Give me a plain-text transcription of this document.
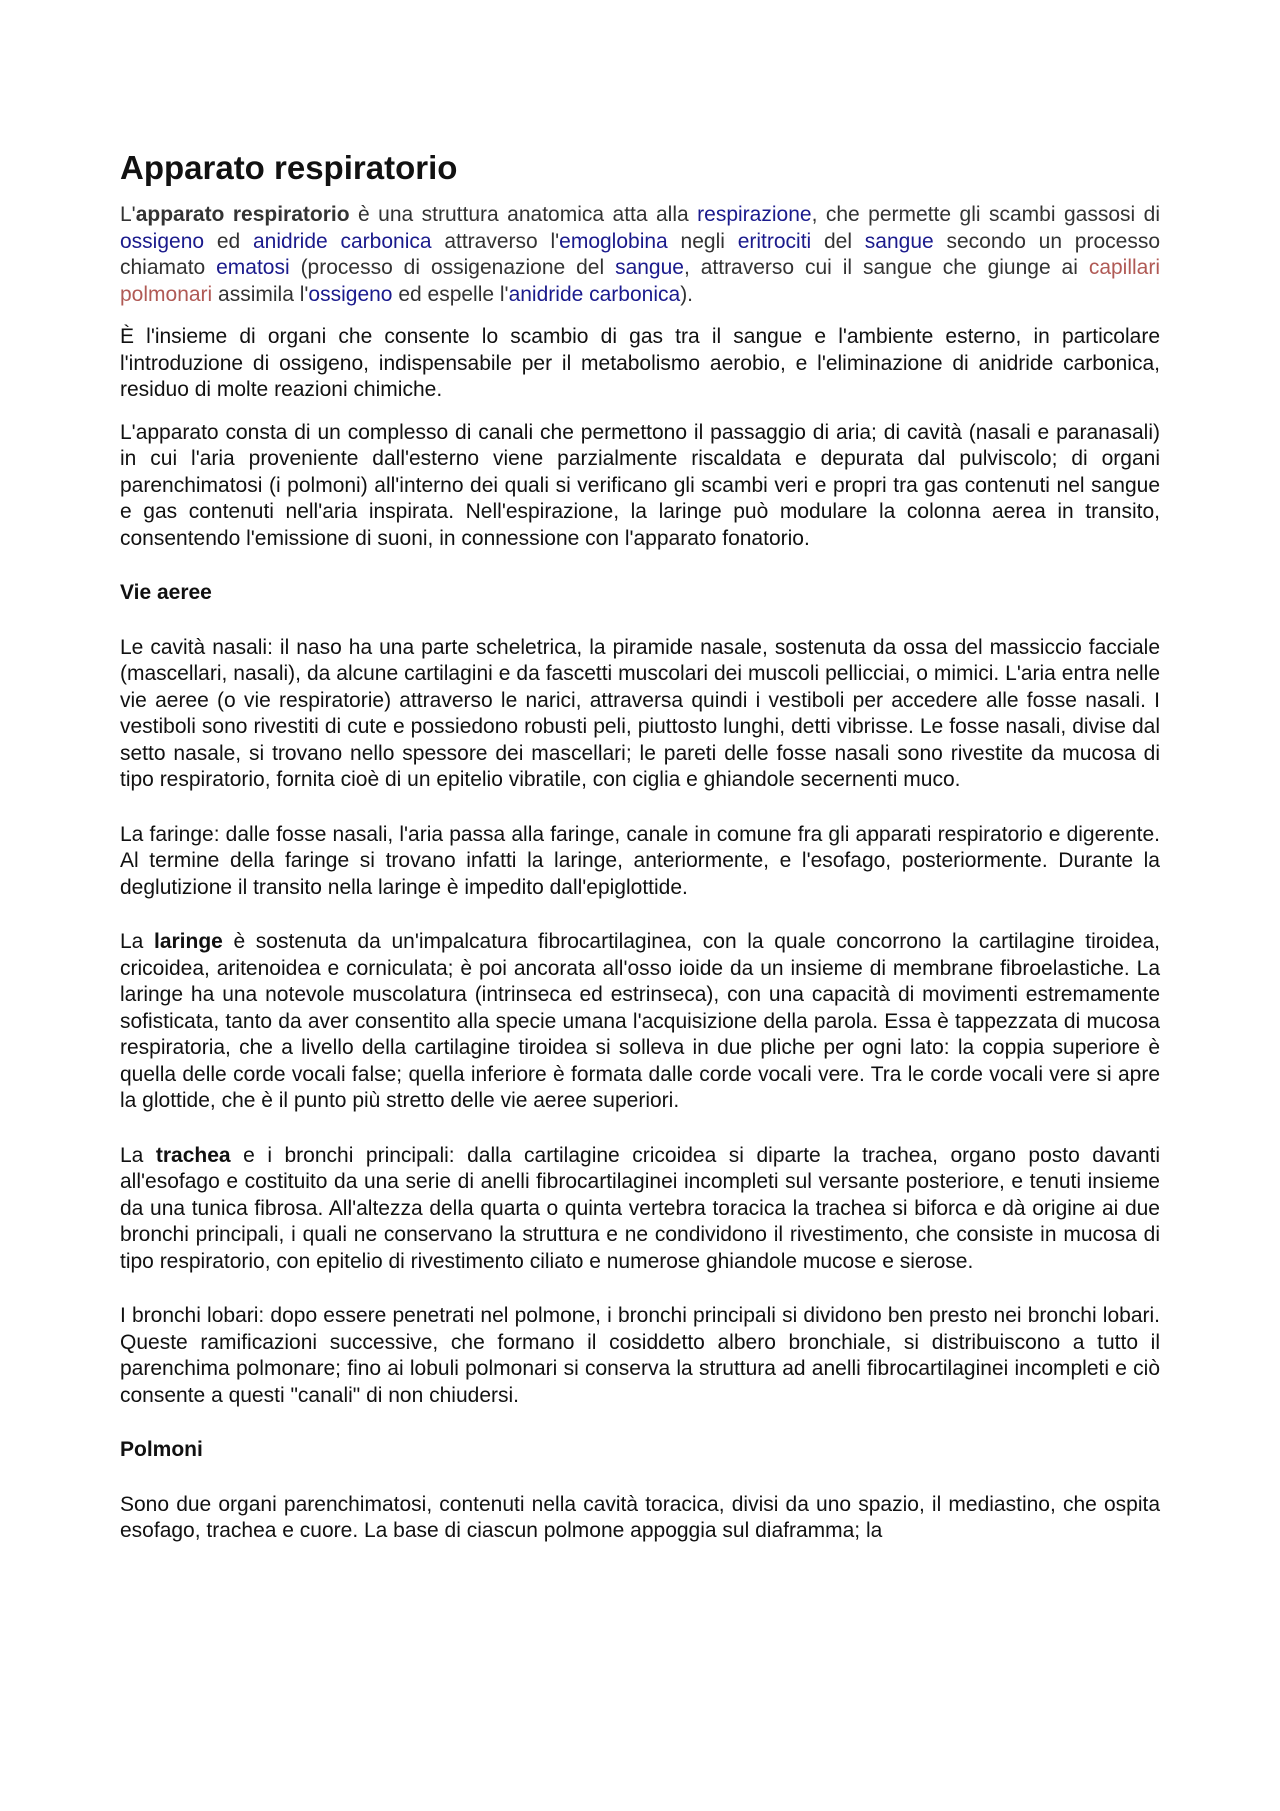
Apparato respiratorio

L'apparato respiratorio è una struttura anatomica atta alla respirazione, che permette gli scambi gassosi di ossigeno ed anidride carbonica attraverso l'emoglobina negli eritrociti del sangue secondo un processo chiamato ematosi (processo di ossigenazione del sangue, attraverso cui il sangue che giunge ai capillari polmonari assimila l'ossigeno ed espelle l'anidride carbonica).

È l'insieme di organi che consente lo scambio di gas tra il sangue e l'ambiente esterno, in particolare l'introduzione di ossigeno, indispensabile per il metabolismo aerobio, e l'eliminazione di anidride carbonica, residuo di molte reazioni chimiche.

L'apparato consta di un complesso di canali che permettono il passaggio di aria; di cavità (nasali e paranasali) in cui l'aria proveniente dall'esterno viene parzialmente riscaldata e depurata dal pulviscolo; di organi parenchimatosi (i polmoni) all'interno dei quali si verificano gli scambi veri e propri tra gas contenuti nel sangue e gas contenuti nell'aria inspirata. Nell'espirazione, la laringe può modulare la colonna aerea in transito, consentendo l'emissione di suoni, in connessione con l'apparato fonatorio.

Vie aeree

Le cavità nasali: il naso ha una parte scheletrica, la piramide nasale, sostenuta da ossa del massiccio facciale (mascellari, nasali), da alcune cartilagini e da fascetti muscolari dei muscoli pellicciai, o mimici. L'aria entra nelle vie aeree (o vie respiratorie) attraverso le narici, attraversa quindi i vestiboli per accedere alle fosse nasali. I vestiboli sono rivestiti di cute e possiedono robusti peli, piuttosto lunghi, detti vibrisse. Le fosse nasali, divise dal setto nasale, si trovano nello spessore dei mascellari; le pareti delle fosse nasali sono rivestite da mucosa di tipo respiratorio, fornita cioè di un epitelio vibratile, con ciglia e ghiandole secernenti muco.

La faringe: dalle fosse nasali, l'aria passa alla faringe, canale in comune fra gli apparati respiratorio e digerente. Al termine della faringe si trovano infatti la laringe, anteriormente, e l'esofago, posteriormente. Durante la deglutizione il transito nella laringe è impedito dall'epiglottide.

La laringe è sostenuta da un'impalcatura fibrocartilaginea, con la quale concorrono la cartilagine tiroidea, cricoidea, aritenoidea e corniculata; è poi ancorata all'osso ioide da un insieme di membrane fibroelastiche. La laringe ha una notevole muscolatura (intrinseca ed estrinseca), con una capacità di movimenti estremamente sofisticata, tanto da aver consentito alla specie umana l'acquisizione della parola. Essa è tappezzata di mucosa respiratoria, che a livello della cartilagine tiroidea si solleva in due pliche per ogni lato: la coppia superiore è quella delle corde vocali false; quella inferiore è formata dalle corde vocali vere. Tra le corde vocali vere si apre la glottide, che è il punto più stretto delle vie aeree superiori.

La trachea e i bronchi principali: dalla cartilagine cricoidea si diparte la trachea, organo posto davanti all'esofago e costituito da una serie di anelli fibrocartilaginei incompleti sul versante posteriore, e tenuti insieme da una tunica fibrosa. All'altezza della quarta o quinta vertebra toracica la trachea si biforca e dà origine ai due bronchi principali, i quali ne conservano la struttura e ne condividono il rivestimento, che consiste in mucosa di tipo respiratorio, con epitelio di rivestimento ciliato e numerose ghiandole mucose e sierose.

I bronchi lobari: dopo essere penetrati nel polmone, i bronchi principali si dividono ben presto nei bronchi lobari. Queste ramificazioni successive, che formano il cosiddetto albero bronchiale, si distribuiscono a tutto il parenchima polmonare; fino ai lobuli polmonari si conserva la struttura ad anelli fibrocartilaginei incompleti e ciò consente a questi "canali" di non chiudersi.

Polmoni

Sono due organi parenchimatosi, contenuti nella cavità toracica, divisi da uno spazio, il mediastino, che ospita esofago, trachea e cuore. La base di ciascun polmone appoggia sul diaframma; la
